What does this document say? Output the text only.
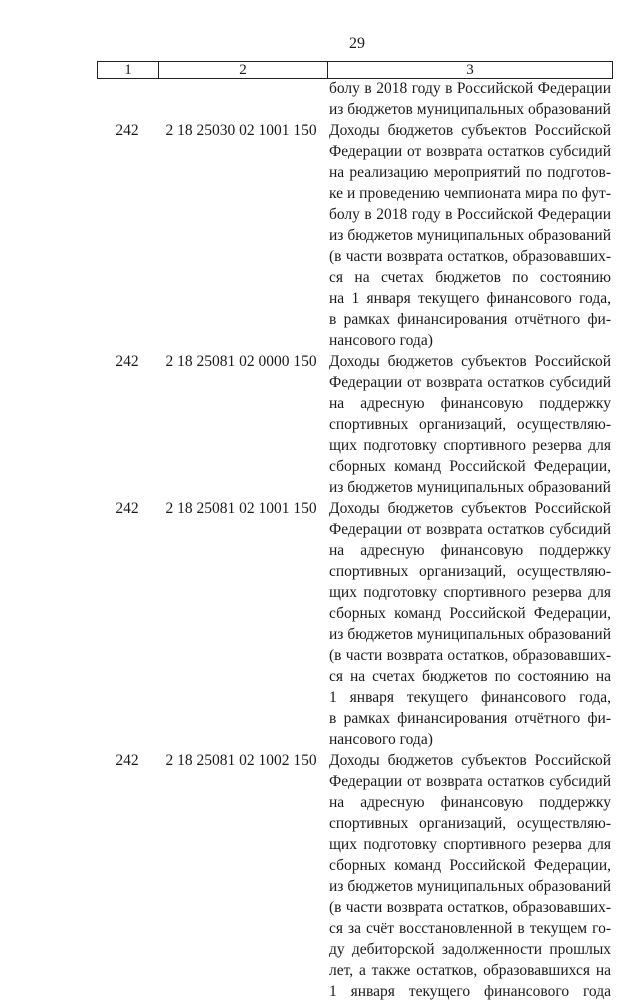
29
1	2	3
болу в 2018 году в Российской Федерации
из бюджетов муниципальных образований
242	2 18 25030 02 1001 150 Доходы бюджетов субъектов Российской
Федерации от возврата остатков субсидий
на реализацию мероприятий по подготов-
ке и проведению чемпионата мира по фут-
болу в 2018 году в Российской Федерации
из бюджетов муниципальных образований
(в части возврата остатков, образовавших-
ся на счетах бюджетов по состоянию
на 1 января текущего финансового года,
в рамках финансирования отчётного фи-
нансового года)
242	2 18 25081 02 0000 150 Доходы бюджетов субъектов Российской
Федерации от возврата остатков субсидий
на адресную финансовую поддержку
спортивных организаций, осуществляю-
щих подготовку спортивного резерва для
сборных команд Российской Федерации,
из бюджетов муниципальных образований
242	2 18 25081 02 1001 150 Доходы бюджетов субъектов Российской
Федерации от возврата остатков субсидий
на адресную финансовую поддержку
спортивных организаций, осуществляю-
щих подготовку спортивного резерва для
сборных команд Российской Федерации,
из бюджетов муниципальных образований
(в части возврата остатков, образовавших-
ся на счетах бюджетов по состоянию на
1 января текущего финансового года,
в рамках финансирования отчётного фи-
нансового года)
242	2 18 25081 02 1002 150 Доходы бюджетов субъектов Российской
Федерации от возврата остатков субсидий
на адресную финансовую поддержку
спортивных организаций, осуществляю-
щих подготовку спортивного резерва для
сборных команд Российской Федерации,
из бюджетов муниципальных образований
(в части возврата остатков, образовавших-
ся за счёт восстановленной в текущем го-
ду дебиторской задолженности прошлых
лет, а также остатков, образовавшихся на
1 января текущего финансового года
